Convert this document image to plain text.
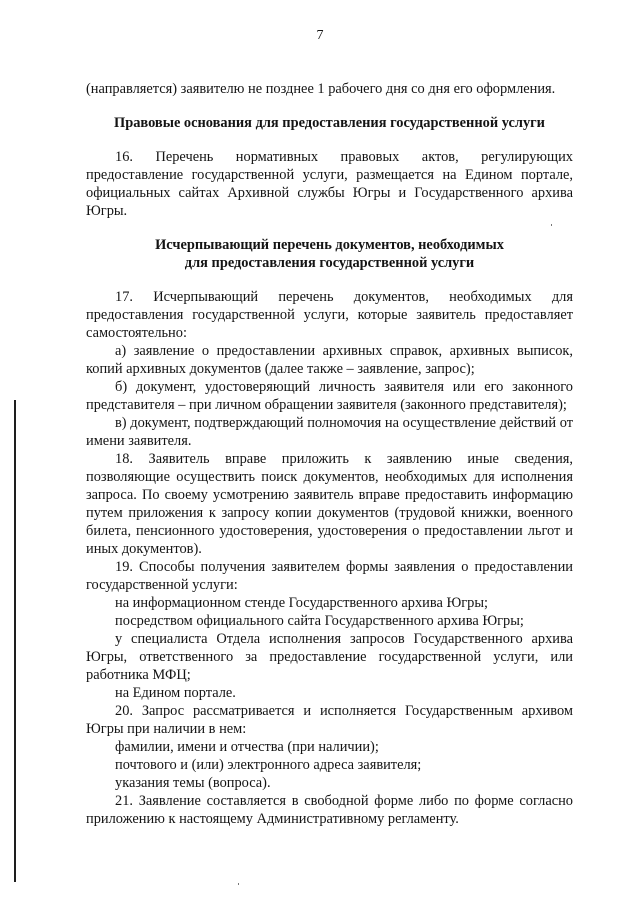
7

(направляется) заявителю не позднее 1 рабочего дня со дня его оформления.

Правовые основания для предоставления государственной услуги

16. Перечень нормативных правовых актов, регулирующих предоставление государственной услуги, размещается на Едином портале, официальных сайтах Архивной службы Югры и Государственного архива Югры.

Исчерпывающий перечень документов, необходимых

для предоставления государственной услуги

17. Исчерпывающий перечень документов, необходимых для предоставления государственной услуги, которые заявитель предоставляет самостоятельно:

а) заявление о предоставлении архивных справок, архивных выписок, копий архивных документов (далее также – заявление, запрос);

б) документ, удостоверяющий личность заявителя или его законного представителя – при личном обращении заявителя (законного представителя);

в) документ, подтверждающий полномочия на осуществление действий от имени заявителя.

18. Заявитель вправе приложить к заявлению иные сведения, позволяющие осуществить поиск документов, необходимых для исполнения запроса. По своему усмотрению заявитель вправе предоставить информацию путем приложения к запросу копии документов (трудовой книжки, военного билета, пенсионного удостоверения, удостоверения о предоставлении льгот и иных документов).

19. Способы получения заявителем формы заявления о предоставлении государственной услуги:

на информационном стенде Государственного архива Югры;

посредством официального сайта Государственного архива Югры;

у специалиста Отдела исполнения запросов Государственного архива Югры, ответственного за предоставление государственной услуги, или работника МФЦ;

на Едином портале.

20. Запрос рассматривается и исполняется Государственным архивом Югры при наличии в нем:

фамилии, имени и отчества (при наличии);

почтового и (или) электронного адреса заявителя;

указания темы (вопроса).

21. Заявление составляется в свободной форме либо по форме согласно приложению к настоящему Административному регламенту.
